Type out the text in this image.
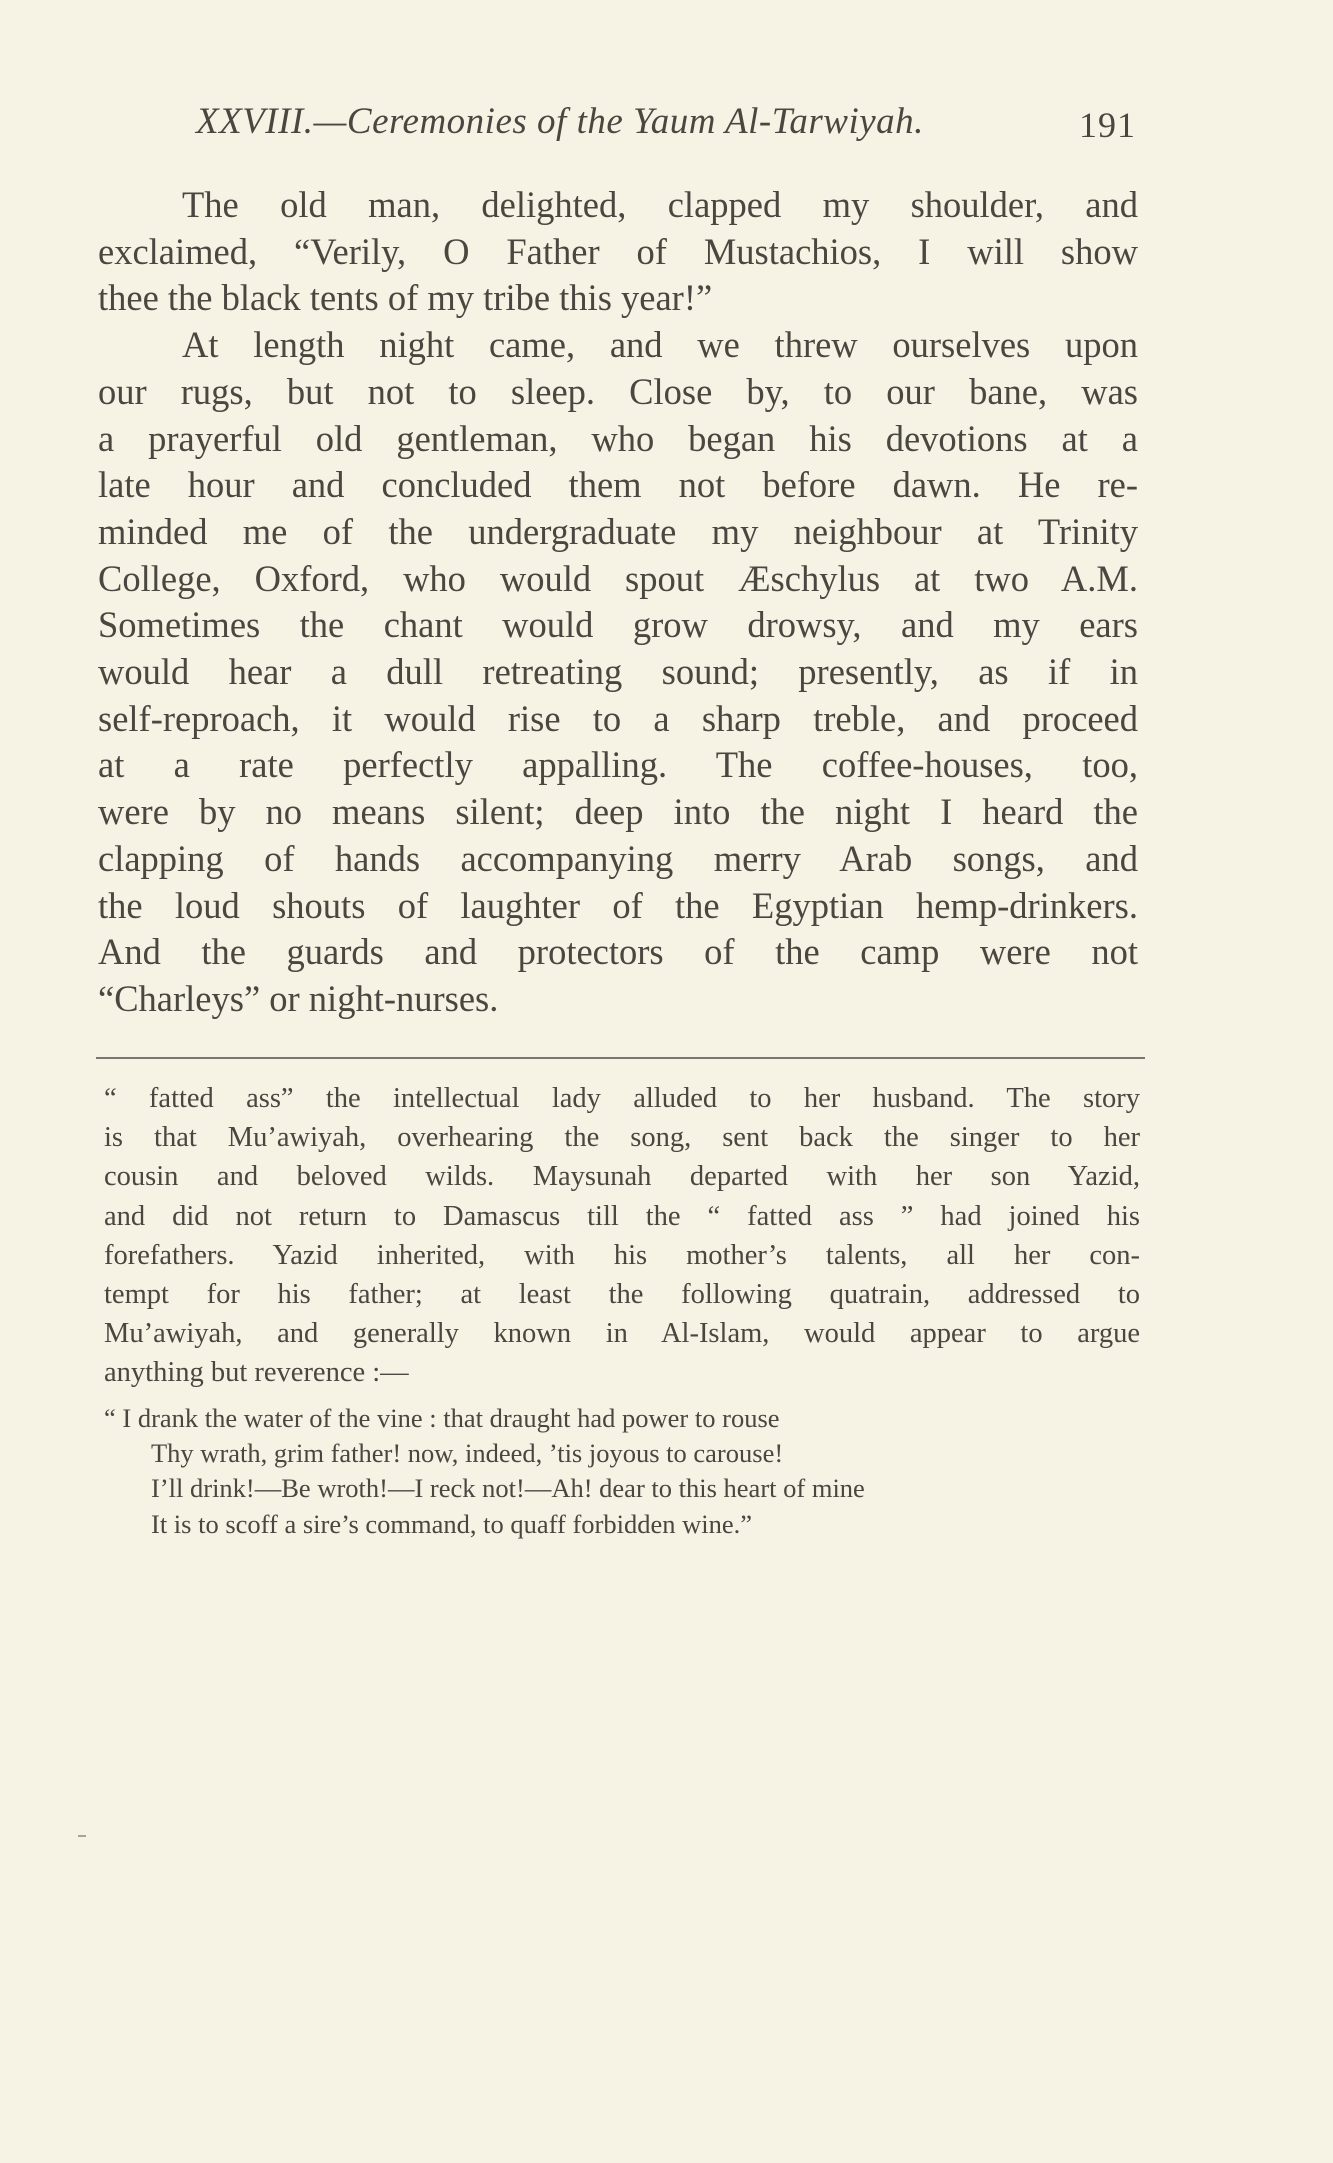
XXVIII.—Ceremonies of the Yaum Al-Tarwiyah.	191

The old man, delighted, clapped my shoulder, and
exclaimed, “Verily, O Father of Mustachios, I will show
thee the black tents of my tribe this year!”

At length night came, and we threw ourselves upon
our rugs, but not to sleep. Close by, to our bane, was
a prayerful old gentleman, who began his devotions at a
late hour and concluded them not before dawn. He re-
minded me of the undergraduate my neighbour at Trinity
College, Oxford, who would spout Æschylus at two A.M.
Sometimes the chant would grow drowsy, and my ears
would hear a dull retreating sound; presently, as if in
self-reproach, it would rise to a sharp treble, and proceed
at a rate perfectly appalling. The coffee-houses, too,
were by no means silent; deep into the night I heard the
clapping of hands accompanying merry Arab songs, and
the loud shouts of laughter of the Egyptian hemp-drinkers.
And the guards and protectors of the camp were not
“Charleys” or night-nurses.

“ fatted ass” the intellectual lady alluded to her husband. The story
is that Mu’awiyah, overhearing the song, sent back the singer to her
cousin and beloved wilds. Maysunah departed with her son Yazid,
and did not return to Damascus till the “ fatted ass ” had joined his
forefathers. Yazid inherited, with his mother’s talents, all her con-
tempt for his father; at least the following quatrain, addressed to
Mu’awiyah, and generally known in Al-Islam, would appear to argue
anything but reverence :—
“ I drank the water of the vine : that draught had power to rouse
Thy wrath, grim father! now, indeed, ’tis joyous to carouse!
I’ll drink!—Be wroth!—I reck not!—Ah! dear to this heart of mine
It is to scoff a sire’s command, to quaff forbidden wine.”
